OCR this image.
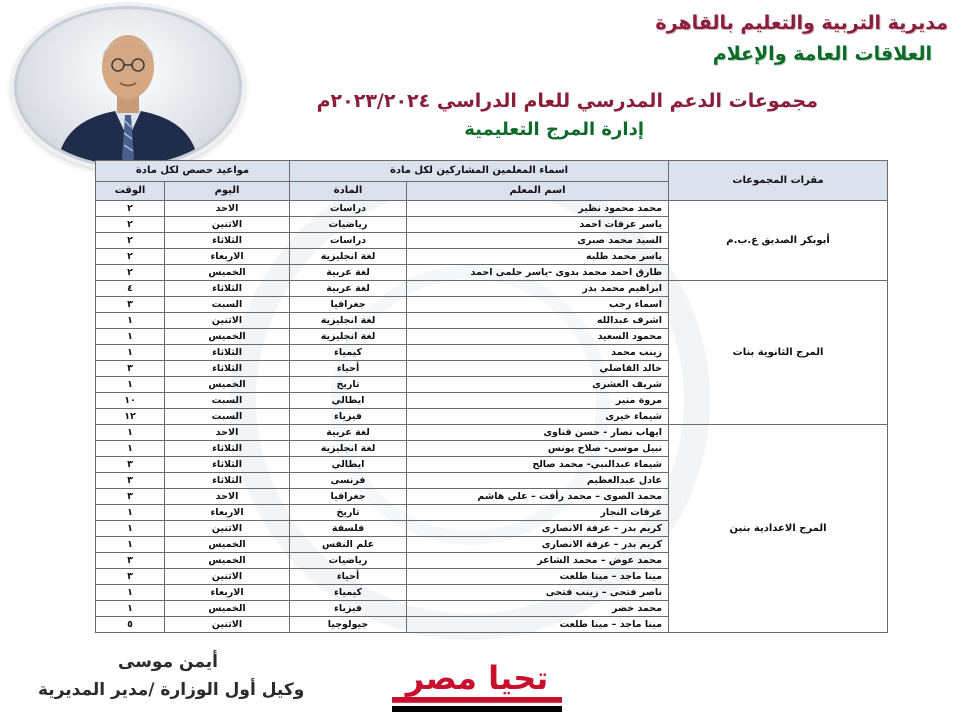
مديرية التربية والتعليم بالقاهرة
العلاقات العامة والإعلام
مجموعات الدعم المدرسي للعام الدراسي ٢٠٢٣/٢٠٢٤م
إدارة المرج التعليمية
مقرات المجموعات	اسماء المعلمين المشاركين لكل مادة		مواعيد حصص لكل مادة	
	اسم المعلم	المادة	اليوم	الوقت
أبوبكر الصديق ع.ب.م	محمد محمود نظير	دراسات	الاحد	٢
	ياسر عرفات احمد	رياضيات	الاثنين	٢
	السيد محمد صبرى	دراسات	الثلاثاء	٢
	ياسر محمد طلبه	لغة انجليزية	الاربعاء	٢
	طارق احمد محمد بدوى -ياسر حلمى احمد	لغة عربية	الخميس	٢
المرج الثانوية بنات	ابراهيم محمد بدر	لغة عربية	الثلاثاء	٤
	اسماء رجب	جغرافيا	السبت	٣
	اشرف عبدالله	لغة انجليزية	الاثنين	١
	محمود السعيد	لغة انجليزية	الخميس	١
	زينب محمد	كيمياء	الثلاثاء	١
	خالد القاضلي	أحياء	الثلاثاء	٣
	شريف العشرى	تاريخ	الخميس	١
	مروة منير	ايطالي	السبت	١٠
	شيماء خيرى	فيزياء	السبت	١٢
المرج الاعدادية بنين	ايهاب نصار - حسن قناوى	لغة عربية	الاحد	١
	نبيل موسى- صلاح يونس	لغة انجليزية	الثلاثاء	١
	شيماء عبدالنبي- محمد صالح	ايطالي	الثلاثاء	٣
	عادل عبدالعظيم	فرنسى	الثلاثاء	٣
	محمد الصوى – محمد رأفت – علي هاشم	جغرافيا	الاحد	٣
	عرفات النجار	تاريخ	الاربعاء	١
	كريم بدر – عرفة الانصارى	فلسفة	الاثنين	١
	كريم بدر – عرفة الانصارى	علم النفس	الخميس	١
	محمد عوض – محمد الشاعر	رياضيات	الخميس	٣
	مينا ماجد – مينا طلعت	أحياء	الاثنين	٣
	ناصر فتحى – زينب فتحى	كيمياء	الاربعاء	١
	محمد خضر	فيزياء	الخميس	١
	مينا ماجد – مينا طلعت	جيولوجيا	الاثنين	٥
أيمن موسى
وكيل أول الوزارة /مدير المديرية	تحيا مصر
